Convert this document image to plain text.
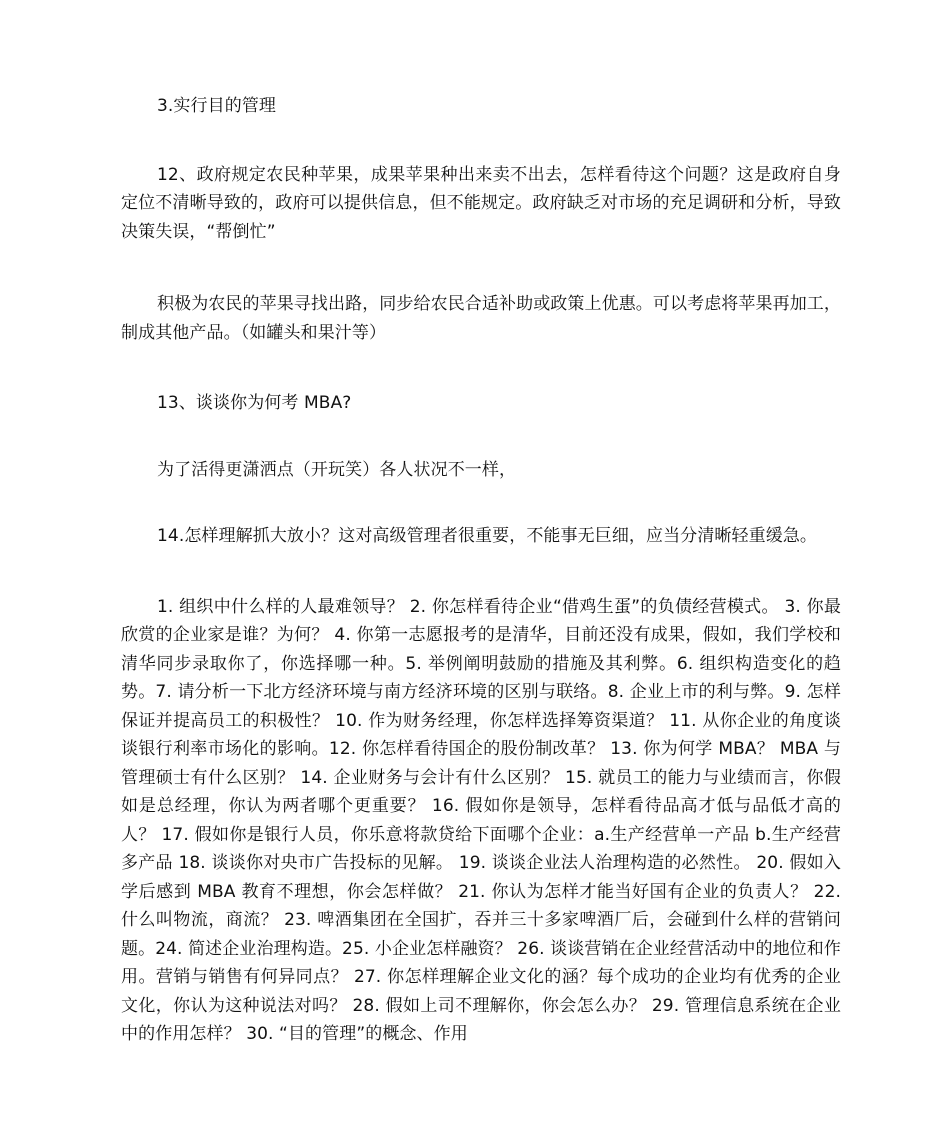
3.实行目的管理

12、政府规定农民种苹果，成果苹果种出来卖不出去，怎样看待这个问题？这是政府自身定位不清晰导致的，政府可以提供信息，但不能规定。政府缺乏对市场的充足调研和分析，导致决策失误，“帮倒忙”

积极为农民的苹果寻找出路，同步给农民合适补助或政策上优惠。可以考虑将苹果再加工，制成其他产品。（如罐头和果汁等）

13、谈谈你为何考 MBA?

为了活得更潇洒点（开玩笑）各人状况不一样，

14.怎样理解抓大放小？这对高级管理者很重要，不能事无巨细，应当分清晰轻重缓急。

1. 组织中什么样的人最难领导？ 2. 你怎样看待企业“借鸡生蛋”的负债经营模式。 3. 你最欣赏的企业家是谁？为何？ 4. 你第一志愿报考的是清华，目前还没有成果，假如，我们学校和清华同步录取你了，你选择哪一种。5. 举例阐明鼓励的措施及其利弊。6. 组织构造变化的趋势。7. 请分析一下北方经济环境与南方经济环境的区别与联络。8. 企业上市的利与弊。9. 怎样保证并提高员工的积极性？ 10. 作为财务经理，你怎样选择筹资渠道？ 11. 从你企业的角度谈谈银行利率市场化的影响。12. 你怎样看待国企的股份制改革？ 13. 你为何学 MBA？ MBA 与管理硕士有什么区别？ 14. 企业财务与会计有什么区别？ 15. 就员工的能力与业绩而言，你假如是总经理，你认为两者哪个更重要？ 16. 假如你是领导，怎样看待品高才低与品低才高的人？ 17. 假如你是银行人员，你乐意将款贷给下面哪个企业：a.生产经营单一产品 b.生产经营多产品 18. 谈谈你对央市广告投标的见解。 19. 谈谈企业法人治理构造的必然性。 20. 假如入学后感到 MBA 教育不理想，你会怎样做？ 21. 你认为怎样才能当好国有企业的负责人？ 22. 什么叫物流，商流？ 23. 啤酒集团在全国扩，吞并三十多家啤酒厂后，会碰到什么样的营销问题。24. 简述企业治理构造。25. 小企业怎样融资？ 26. 谈谈营销在企业经营活动中的地位和作用。营销与销售有何异同点？ 27. 你怎样理解企业文化的涵？每个成功的企业均有优秀的企业文化，你认为这种说法对吗？ 28. 假如上司不理解你，你会怎么办？ 29. 管理信息系统在企业中的作用怎样？ 30. “目的管理”的概念、作用
